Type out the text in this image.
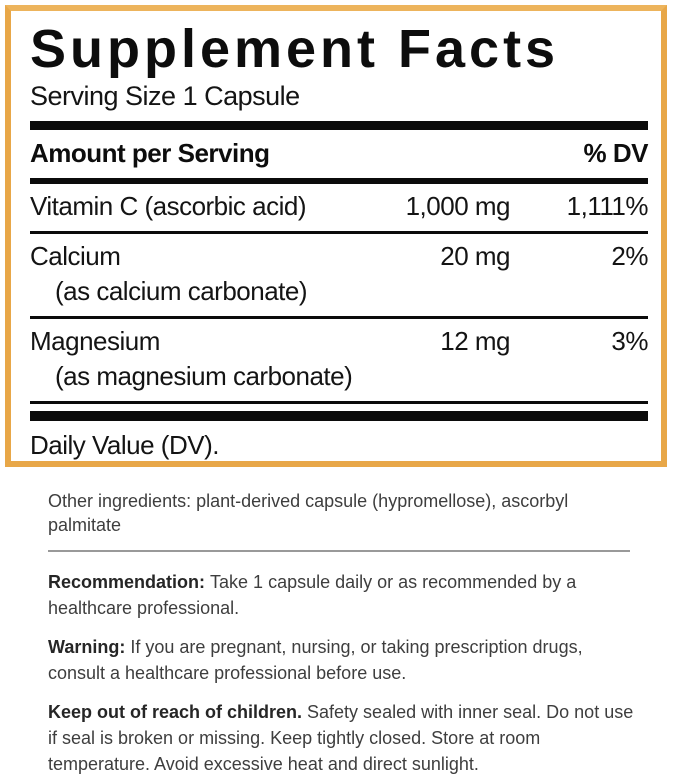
Supplement Facts
Serving Size 1 Capsule
Amount per Serving	% DV
Vitamin C (ascorbic acid)	1,000 mg	1,111%
Calcium	20 mg	2%
(as calcium carbonate)
Magnesium	12 mg	3%
(as magnesium carbonate)
Daily Value (DV).
Other ingredients: plant-derived capsule (hypromellose), ascorbyl palmitate

Recommendation: Take 1 capsule daily or as recommended by a healthcare professional.

Warning: If you are pregnant, nursing, or taking prescription drugs, consult a healthcare professional before use.

Keep out of reach of children. Safety sealed with inner seal. Do not use if seal is broken or missing. Keep tightly closed. Store at room temperature. Avoid excessive heat and direct sunlight.
